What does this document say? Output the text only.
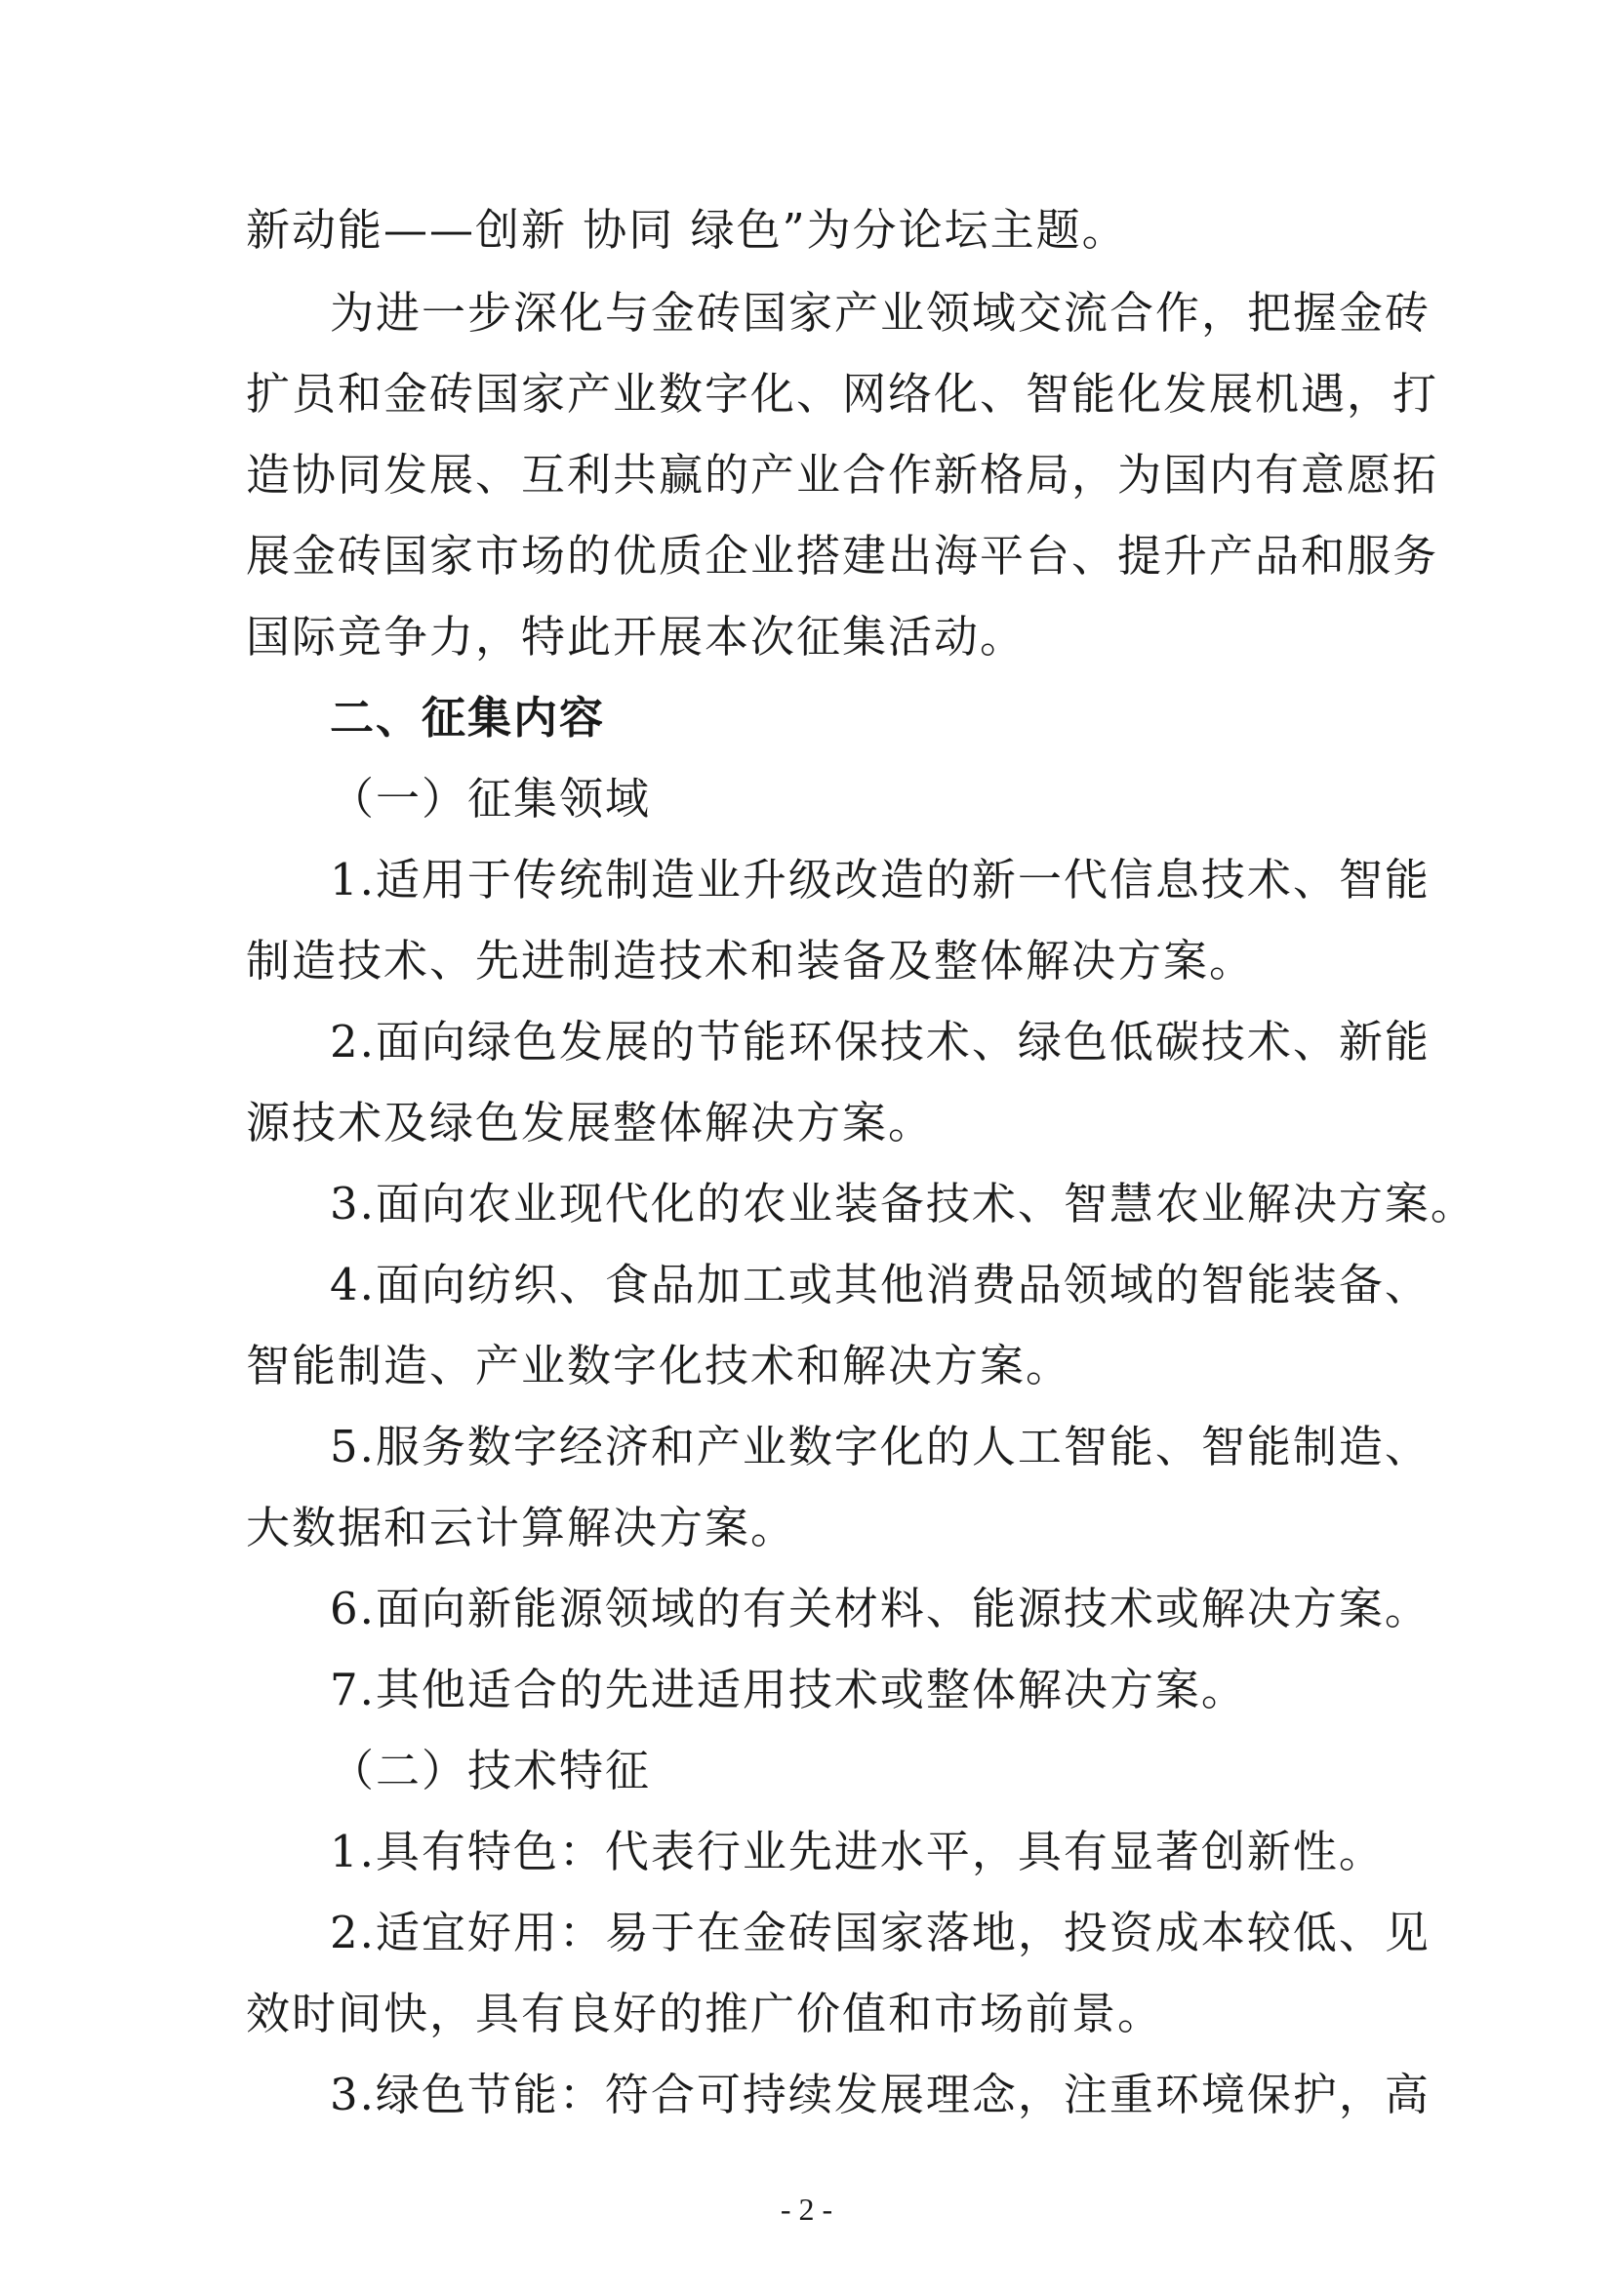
新动能——创新 协同 绿色”为分论坛主题。
为进一步深化与金砖国家产业领域交流合作，把握金砖
扩员和金砖国家产业数字化、网络化、智能化发展机遇，打
造协同发展、互利共赢的产业合作新格局，为国内有意愿拓
展金砖国家市场的优质企业搭建出海平台、提升产品和服务
国际竞争力，特此开展本次征集活动。
二、征集内容
（一）征集领域
1.适用于传统制造业升级改造的新一代信息技术、智能
制造技术、先进制造技术和装备及整体解决方案。
2.面向绿色发展的节能环保技术、绿色低碳技术、新能
源技术及绿色发展整体解决方案。
3.面向农业现代化的农业装备技术、智慧农业解决方案。
4.面向纺织、食品加工或其他消费品领域的智能装备、
智能制造、产业数字化技术和解决方案。
5.服务数字经济和产业数字化的人工智能、智能制造、
大数据和云计算解决方案。
6.面向新能源领域的有关材料、能源技术或解决方案。
7.其他适合的先进适用技术或整体解决方案。
（二）技术特征
1.具有特色：代表行业先进水平，具有显著创新性。
2.适宜好用：易于在金砖国家落地，投资成本较低、见
效时间快，具有良好的推广价值和市场前景。
3.绿色节能：符合可持续发展理念，注重环境保护，高
- 2 -
